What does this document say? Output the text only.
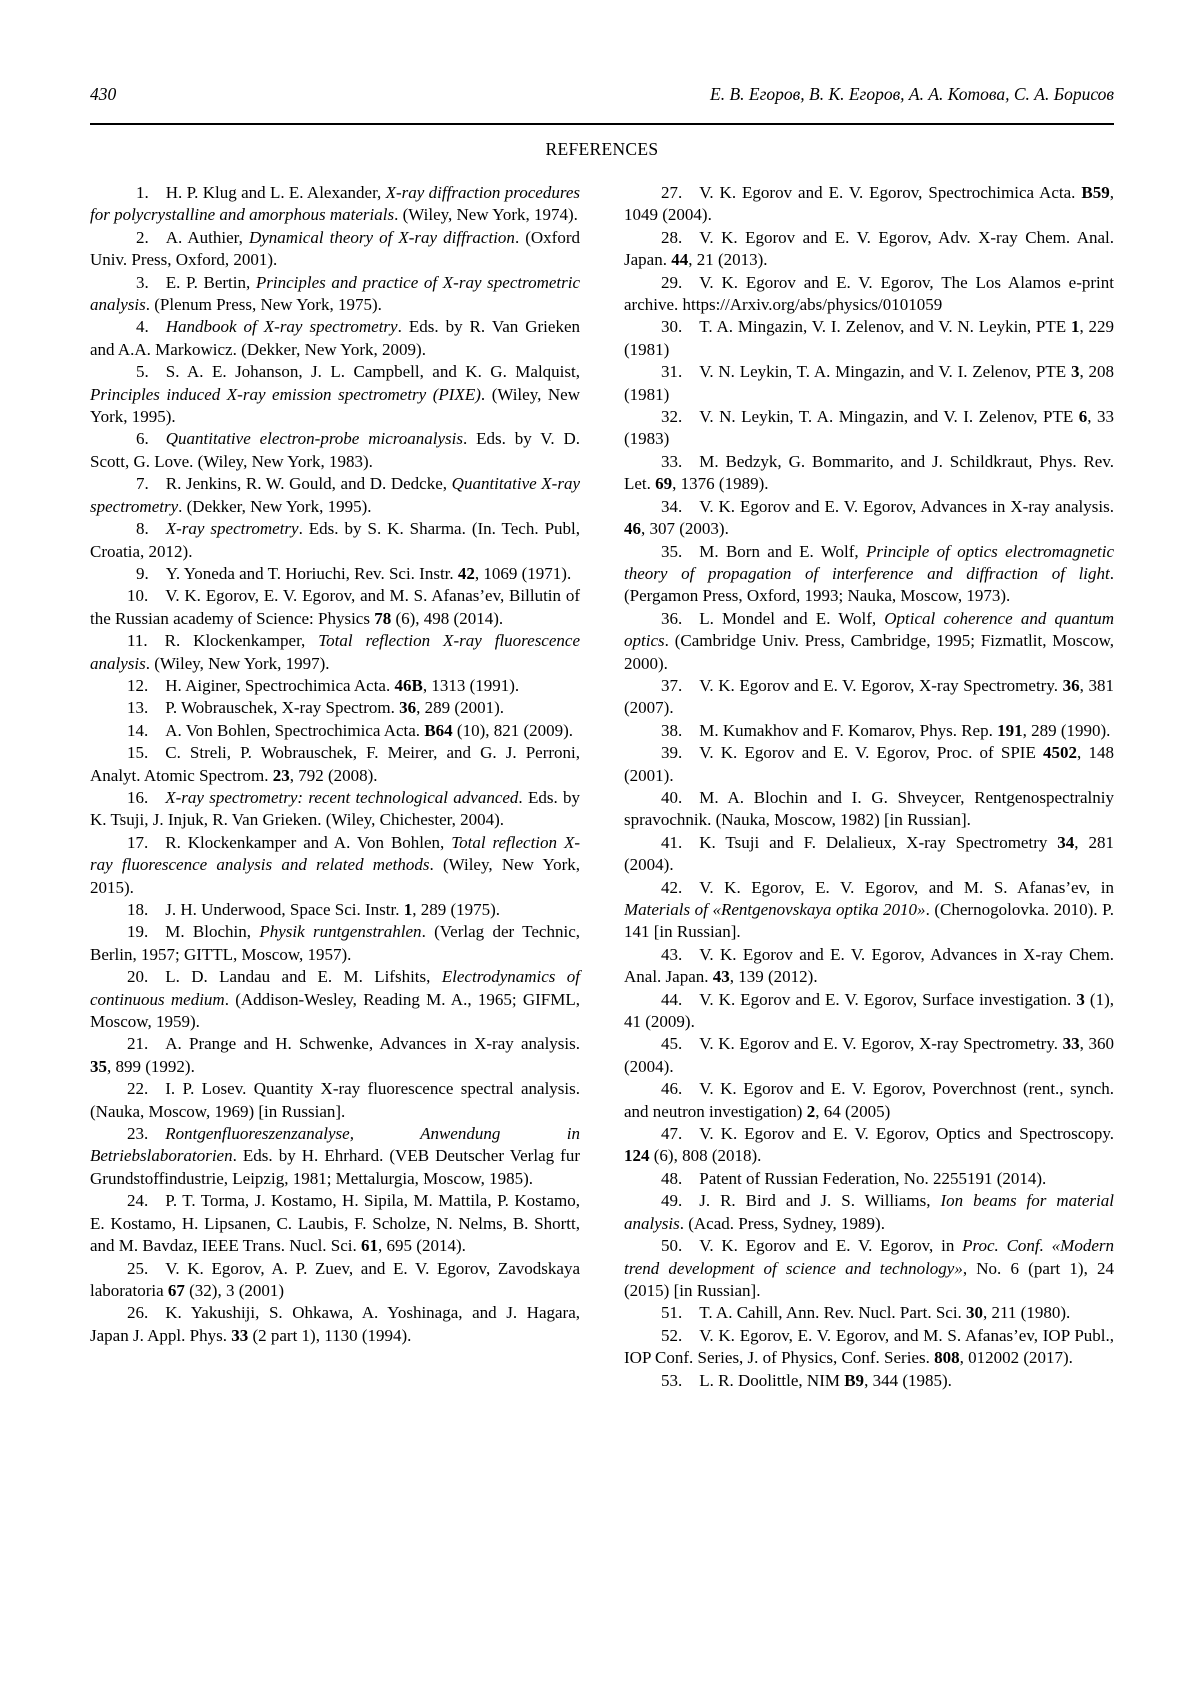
430	Е. В. Егоров, В. К. Егоров, А. А. Котова, С. А. Борисов
REFERENCES

1.   H. P. Klug and L. E. Alexander, X-ray diffraction procedures for polycrystalline and amorphous materials. (Wiley, New York, 1974).

2.   A. Authier, Dynamical theory of X-ray diffraction. (Oxford Univ. Press, Oxford, 2001).

3.   E. P. Bertin, Principles and practice of X-ray spectrometric analysis. (Plenum Press, New York, 1975).

4.   Handbook of X-ray spectrometry. Eds. by R. Van Grieken and A.A. Markowicz. (Dekker, New York, 2009).

5.   S. A. E. Johanson, J. L. Campbell, and K. G. Malquist, Principles induced X-ray emission spectrometry (PIXE). (Wiley, New York, 1995).

6.   Quantitative electron-probe microanalysis. Eds. by V. D. Scott, G. Love. (Wiley, New York, 1983).

7.   R. Jenkins, R. W. Gould, and D. Dedcke, Quantitative X-ray spectrometry. (Dekker, New York, 1995).

8.   X-ray spectrometry. Eds. by S. K. Sharma. (In. Tech. Publ, Croatia, 2012).

9.   Y. Yoneda and T. Horiuchi, Rev. Sci. Instr. 42, 1069 (1971).

10.   V. K. Egorov, E. V. Egorov, and M. S. Afanas’ev, Billutin of the Russian academy of Science: Physics 78 (6), 498 (2014).

11.   R. Klockenkamper, Total reflection X-ray fluorescence analysis. (Wiley, New York, 1997).

12.   H. Aiginer, Spectrochimica Acta. 46B, 1313 (1991).

13.   P. Wobrauschek, X-ray Spectrom. 36, 289 (2001).

14.   A. Von Bohlen, Spectrochimica Acta. B64 (10), 821 (2009).

15.   C. Streli, P. Wobrauschek, F. Meirer, and G. J. Perroni, Analyt. Atomic Spectrom. 23, 792 (2008).

16.   X-ray spectrometry: recent technological advanced. Eds. by K. Tsuji, J. Injuk, R. Van Grieken. (Wiley, Chichester, 2004).

17.   R. Klockenkamper and A. Von Bohlen, Total reflection X-ray fluorescence analysis and related methods. (Wiley, New York, 2015).

18.   J. H. Underwood, Space Sci. Instr. 1, 289 (1975).

19.   M. Blochin, Physik runtgenstrahlen. (Verlag der Technic, Berlin, 1957; GITTL, Moscow, 1957).

20.   L. D. Landau and E. M. Lifshits, Electrodynamics of continuous medium. (Addison-Wesley, Reading M. A., 1965; GIFML, Moscow, 1959).

21.   A. Prange and H. Schwenke, Advances in X-ray analysis. 35, 899 (1992).

22.   I. P. Losev. Quantity X-ray fluorescence spectral analysis. (Nauka, Moscow, 1969) [in Russian].

23.   Rontgenfluoreszenzanalyse, Anwendung in Betriebslaboratorien. Eds. by H. Ehrhard. (VEB Deutscher Verlag fur Grundstoffindustrie, Leipzig, 1981; Mettalurgia, Moscow, 1985).

24.   P. T. Torma, J. Kostamo, H. Sipila, M. Mattila, P. Kostamo, E. Kostamo, H. Lipsanen, C. Laubis, F. Scholze, N. Nelms, B. Shortt, and M. Bavdaz, IEEE Trans. Nucl. Sci. 61, 695 (2014).

25.   V. K. Egorov, A. P. Zuev, and E. V. Egorov, Zavodskaya laboratoria 67 (32), 3 (2001)

26.   K. Yakushiji, S. Ohkawa, A. Yoshinaga, and J. Hagara, Japan J. Appl. Phys. 33 (2 part 1), 1130 (1994).

27.   V. K. Egorov and E. V. Egorov, Spectrochimica Acta. B59, 1049 (2004).

28.   V. K. Egorov and E. V. Egorov, Adv. X-ray Chem. Anal. Japan. 44, 21 (2013).

29.   V. K. Egorov and E. V. Egorov, The Los Alamos e-print archive. https://Arxiv.org/abs/physics/0101059

30.   T. A. Mingazin, V. I. Zelenov, and V. N. Leykin, PTE 1, 229 (1981)

31.   V. N. Leykin, T. A. Mingazin, and V. I. Zelenov, PTE 3, 208 (1981)

32.   V. N. Leykin, T. A. Mingazin, and V. I. Zelenov, PTE 6, 33 (1983)

33.   M. Bedzyk, G. Bommarito, and J. Schildkraut, Phys. Rev. Let. 69, 1376 (1989).

34.   V. K. Egorov and E. V. Egorov, Advances in X-ray analysis. 46, 307 (2003).

35.   M. Born and E. Wolf, Principle of optics electromagnetic theory of propagation of interference and diffraction of light. (Pergamon Press, Oxford, 1993; Nauka, Moscow, 1973).

36.   L. Mondel and E. Wolf, Optical coherence and quantum optics. (Cambridge Univ. Press, Cambridge, 1995; Fizmatlit, Moscow, 2000).

37.   V. K. Egorov and E. V. Egorov, X-ray Spectrometry. 36, 381 (2007).

38.   M. Kumakhov and F. Komarov, Phys. Rep. 191, 289 (1990).

39.   V. K. Egorov and E. V. Egorov, Proc. of SPIE 4502, 148 (2001).

40.   M. A. Blochin and I. G. Shveycer, Rentgenospectralniy spravochnik. (Nauka, Moscow, 1982) [in Russian].

41.   K. Tsuji and F. Delalieux, X-ray Spectrometry 34, 281 (2004).

42.   V. K. Egorov, E. V. Egorov, and M. S. Afanas’ev, in Materials of «Rentgenovskaya optika 2010». (Chernogolovka. 2010). P. 141 [in Russian].

43.   V. K. Egorov and E. V. Egorov, Advances in X-ray Chem. Anal. Japan. 43, 139 (2012).

44.   V. K. Egorov and E. V. Egorov, Surface investigation. 3 (1), 41 (2009).

45.   V. K. Egorov and E. V. Egorov, X-ray Spectrometry. 33, 360 (2004).

46.   V. K. Egorov and E. V. Egorov, Poverchnost (rent., synch. and neutron investigation) 2, 64 (2005)

47.   V. K. Egorov and E. V. Egorov, Optics and Spectroscopy. 124 (6), 808 (2018).

48.   Patent of Russian Federation, No. 2255191 (2014).

49.   J. R. Bird and J. S. Williams, Ion beams for material analysis. (Acad. Press, Sydney, 1989).

50.   V. K. Egorov and E. V. Egorov, in Proc. Conf. «Modern trend development of science and technology», No. 6 (part 1), 24 (2015) [in Russian].

51.   T. A. Cahill, Ann. Rev. Nucl. Part. Sci. 30, 211 (1980).

52.   V. K. Egorov, E. V. Egorov, and M. S. Afanas’ev, IOP Publ., IOP Conf. Series, J. of Physics, Conf. Series. 808, 012002 (2017).

53.   L. R. Doolittle, NIM B9, 344 (1985).
